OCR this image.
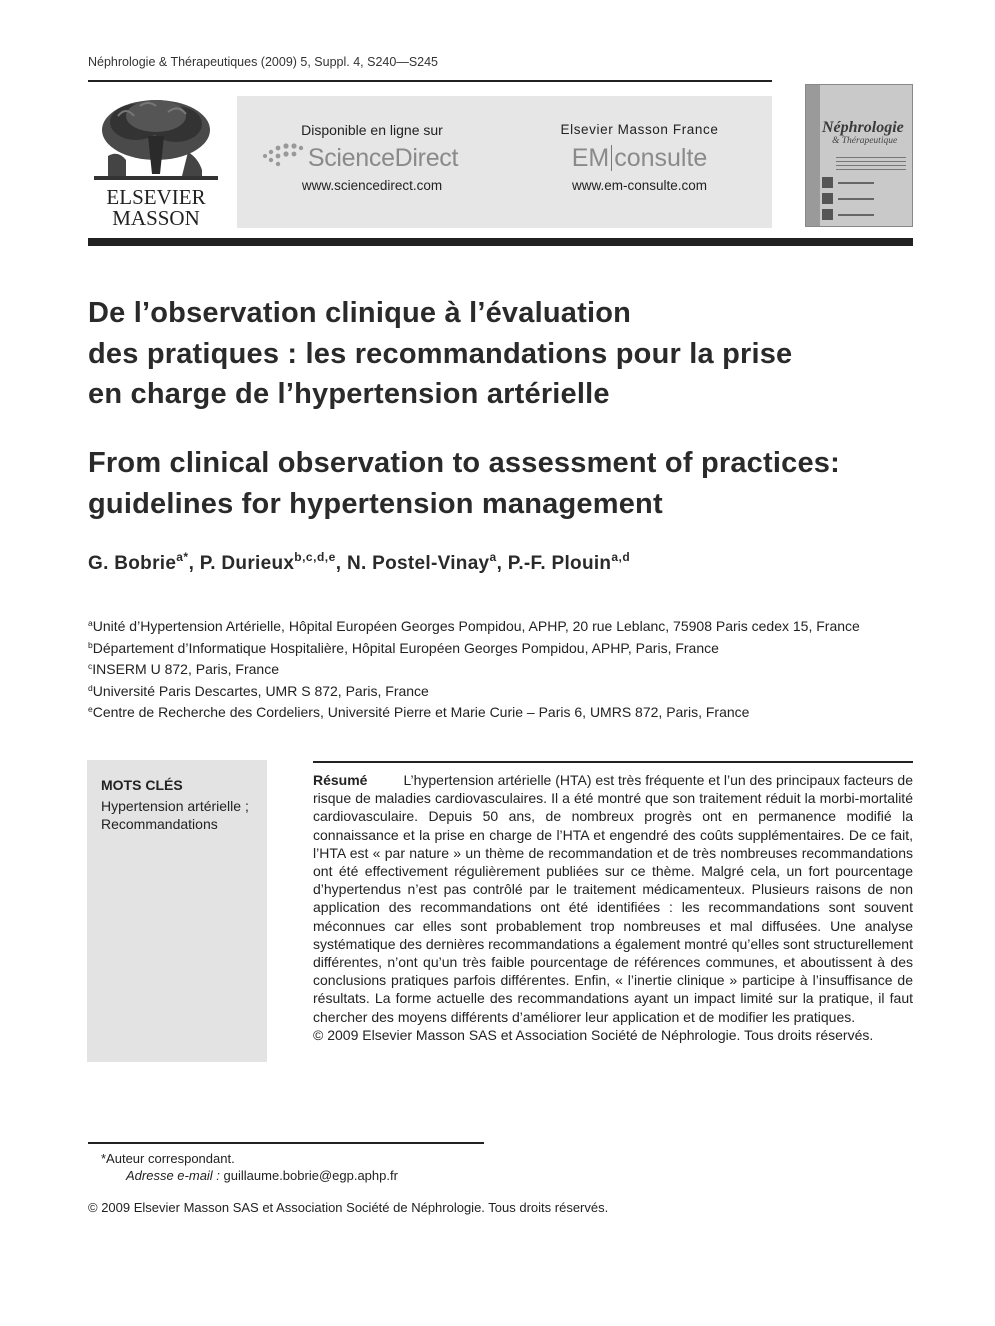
Néphrologie & Thérapeutiques (2009) 5, Suppl. 4, S240—S245
ELSEVIER
MASSON
Disponible en ligne sur
ScienceDirect
www.sciencedirect.com
Elsevier Masson France
EM consulte
www.em-consulte.com
Néphrologie
& Thérapeutique
De l’observation clinique à l’évaluation
des pratiques : les recommandations pour la prise
en charge de l’hypertension artérielle
From clinical observation to assessment of practices:
guidelines for hypertension management
G. Bobrie$^{a*}$, P. Durieux$^{b,c,d,e}$, N. Postel-Vinay$^a$, P.-F. Plouin$^{a,d}$
$^a$Unité d’Hypertension Artérielle, Hôpital Européen Georges Pompidou, APHP, 20 rue Leblanc, 75908 Paris cedex 15, France
$^b$Département d’Informatique Hospitalière, Hôpital Européen Georges Pompidou, APHP, Paris, France
$^c$INSERM U 872, Paris, France
$^d$Université Paris Descartes, UMR S 872, Paris, France
$^e$Centre de Recherche des Cordeliers, Université Pierre et Marie Curie – Paris 6, UMRS 872, Paris, France
MOTS CLÉS
Hypertension artérielle ;
Recommandations

Résumé	L’hypertension artérielle (HTA) est très fréquente et l’un des principaux facteurs de risque de maladies cardiovasculaires. Il a été montré que son traitement réduit la morbi-mortalité cardiovasculaire. Depuis 50 ans, de nombreux progrès ont en permanence modifié la connaissance et la prise en charge de l’HTA et engendré des coûts supplémentaires. De ce fait, l’HTA est « par nature » un thème de recommandation et de très nombreuses recommandations ont été effectivement régulièrement publiées sur ce thème. Malgré cela, un fort pourcentage d’hypertendus n’est pas contrôlé par le traitement médicamenteux. Plusieurs raisons de non application des recommandations ont été identifiées : les recommandations sont souvent méconnues car elles sont probablement trop nombreuses et mal diffusées. Une analyse systématique des dernières recommandations a également montré qu’elles sont structurellement différentes, n’ont qu’un très faible pourcentage de références communes, et aboutissent à des conclusions pratiques parfois différentes. Enfin, « l’inertie clinique » participe à l’insuffisance de résultats. La forme actuelle des recommandations ayant un impact limité sur la pratique, il faut chercher des moyens différents d’améliorer leur application et de modifier les pratiques.
© 2009 Elsevier Masson SAS et Association Société de Néphrologie. Tous droits réservés.

*Auteur correspondant.
Adresse e-mail : guillaume.bobrie@egp.aphp.fr
© 2009 Elsevier Masson SAS et Association Société de Néphrologie. Tous droits réservés.
